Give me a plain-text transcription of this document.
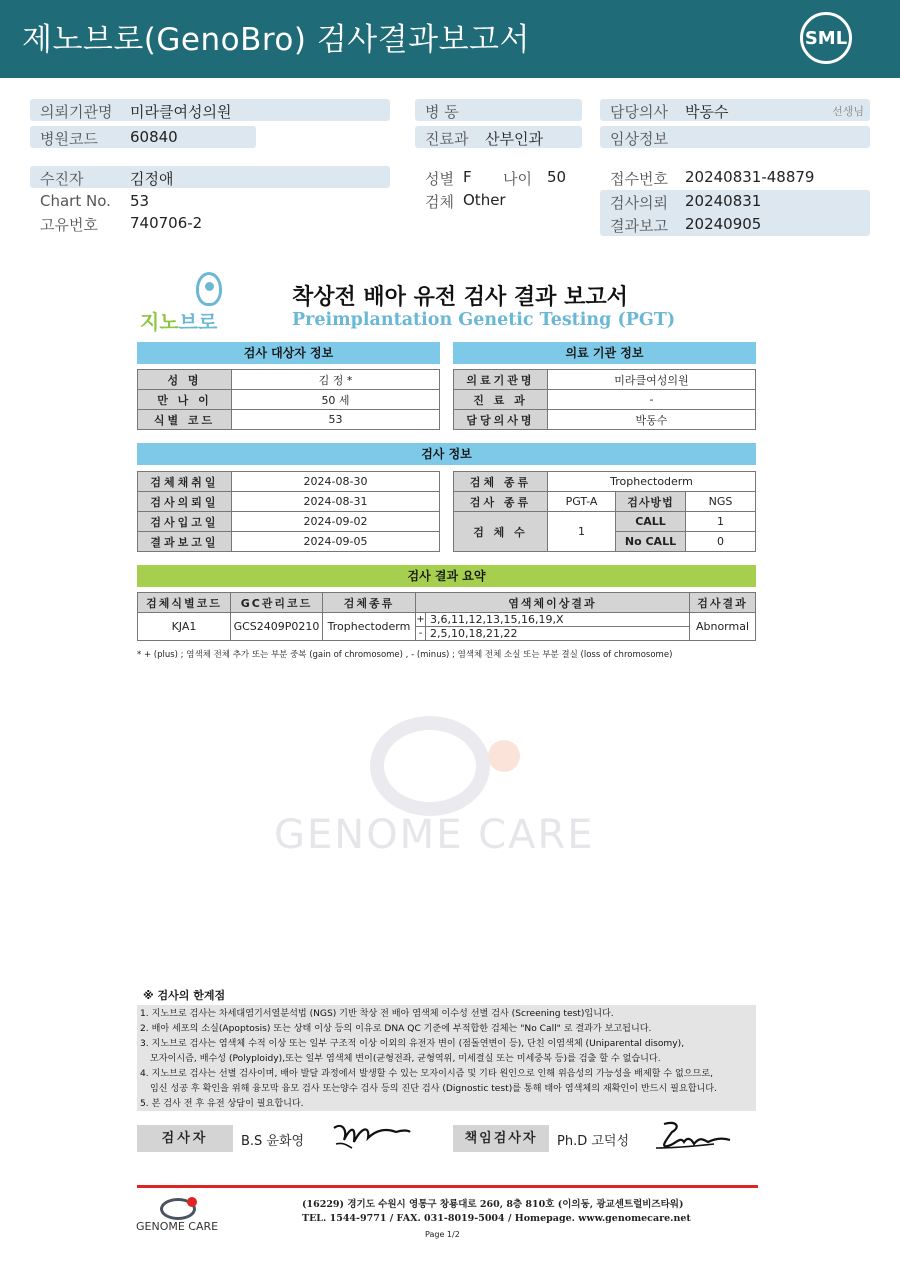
제노브로(GenoBro) 검사결과보고서	SML
의뢰기관명 미라클여성의원
병원코드 60840
수진자	김정애
Chart No. 53
고유번호 740706-2
병 동
진료과 산부인과
성별 F 나이 50
검체 Other
담당의사 박동수	선생님
임상정보
접수번호 20240831-48879
검사의뢰 20240831
결과보고 20240905
지노브로
착상전 배아 유전 검사 결과 보고서
Preimplantation Genetic Testing (PGT)
검사 대상자 정보
성 명	김 정 *
만 나 이	50 세
식별 코드	53
의료 기관 정보
의료기관명	미라클여성의원
진 료 과	-
담당의사명	박동수
검사 정보
검체채취일	2024-08-30
검사의뢰일	2024-08-31
검사입고일	2024-09-02
결과보고일	2024-09-05
검체 종류	Trophectoderm		
검사 종류	PGT-A	검사방법	NGS
검 체 수	1	CALL	1
		No CALL	0
검사 결과 요약
검체식별코드	GC관리코드	검체종류	염색체이상결과		검사결과
KJA1	GCS2409P0210	Trophectoderm	+	3,6,11,12,13,15,16,19,X	Abnormal
			-	2,5,10,18,21,22	
* + (plus) ; 염색체 전체 추가 또는 부분 중복 (gain of chromosome) , - (minus) ; 염색체 전체 소실 또는 부분 결실 (loss of chromosome)
GENOME CARE
※ 검사의 한계점
1. 지노브로 검사는 차세대염기서열분석법 (NGS) 기반 착상 전 배아 염색체 이수성 선별 검사 (Screening test)입니다.
2. 배아 세포의 소실(Apoptosis) 또는 상태 이상 등의 이유로 DNA QC 기준에 부적합한 검체는 "No Call" 로 결과가 보고됩니다.
3. 지노브로 검사는 염색체 수적 이상 또는 일부 구조적 이상 이외의 유전자 변이 (점돌연변이 등), 단친 이염색체 (Uniparental disomy),
모자이시즘, 배수성 (Polyploidy),또는 일부 염색체 변이(균형전좌, 균형역위, 미세결실 또는 미세중복 등)를 검출 할 수 없습니다.
4. 지노브로 검사는 선별 검사이며, 배아 발달 과정에서 발생할 수 있는 모자이시즘 및 기타 원인으로 인해 위음성의 가능성을 배제할 수 없으므로,
임신 성공 후 확인을 위해 융모막 융모 검사 또는양수 검사 등의 진단 검사 (Dignostic test)를 통해 태아 염색체의 재확인이 반드시 필요합니다.
5. 본 검사 전 후 유전 상담이 필요합니다.
검사자	B.S 윤화영	책임검사자	Ph.D 고덕성
GENOME CARE
(16229) 경기도 수원시 영통구 창룡대로 260, 8층 810호 (이의동, 광교센트럴비즈타워)
TEL. 1544-9771 / FAX. 031-8019-5004 / Homepage. www.genomecare.net
Page 1/2
